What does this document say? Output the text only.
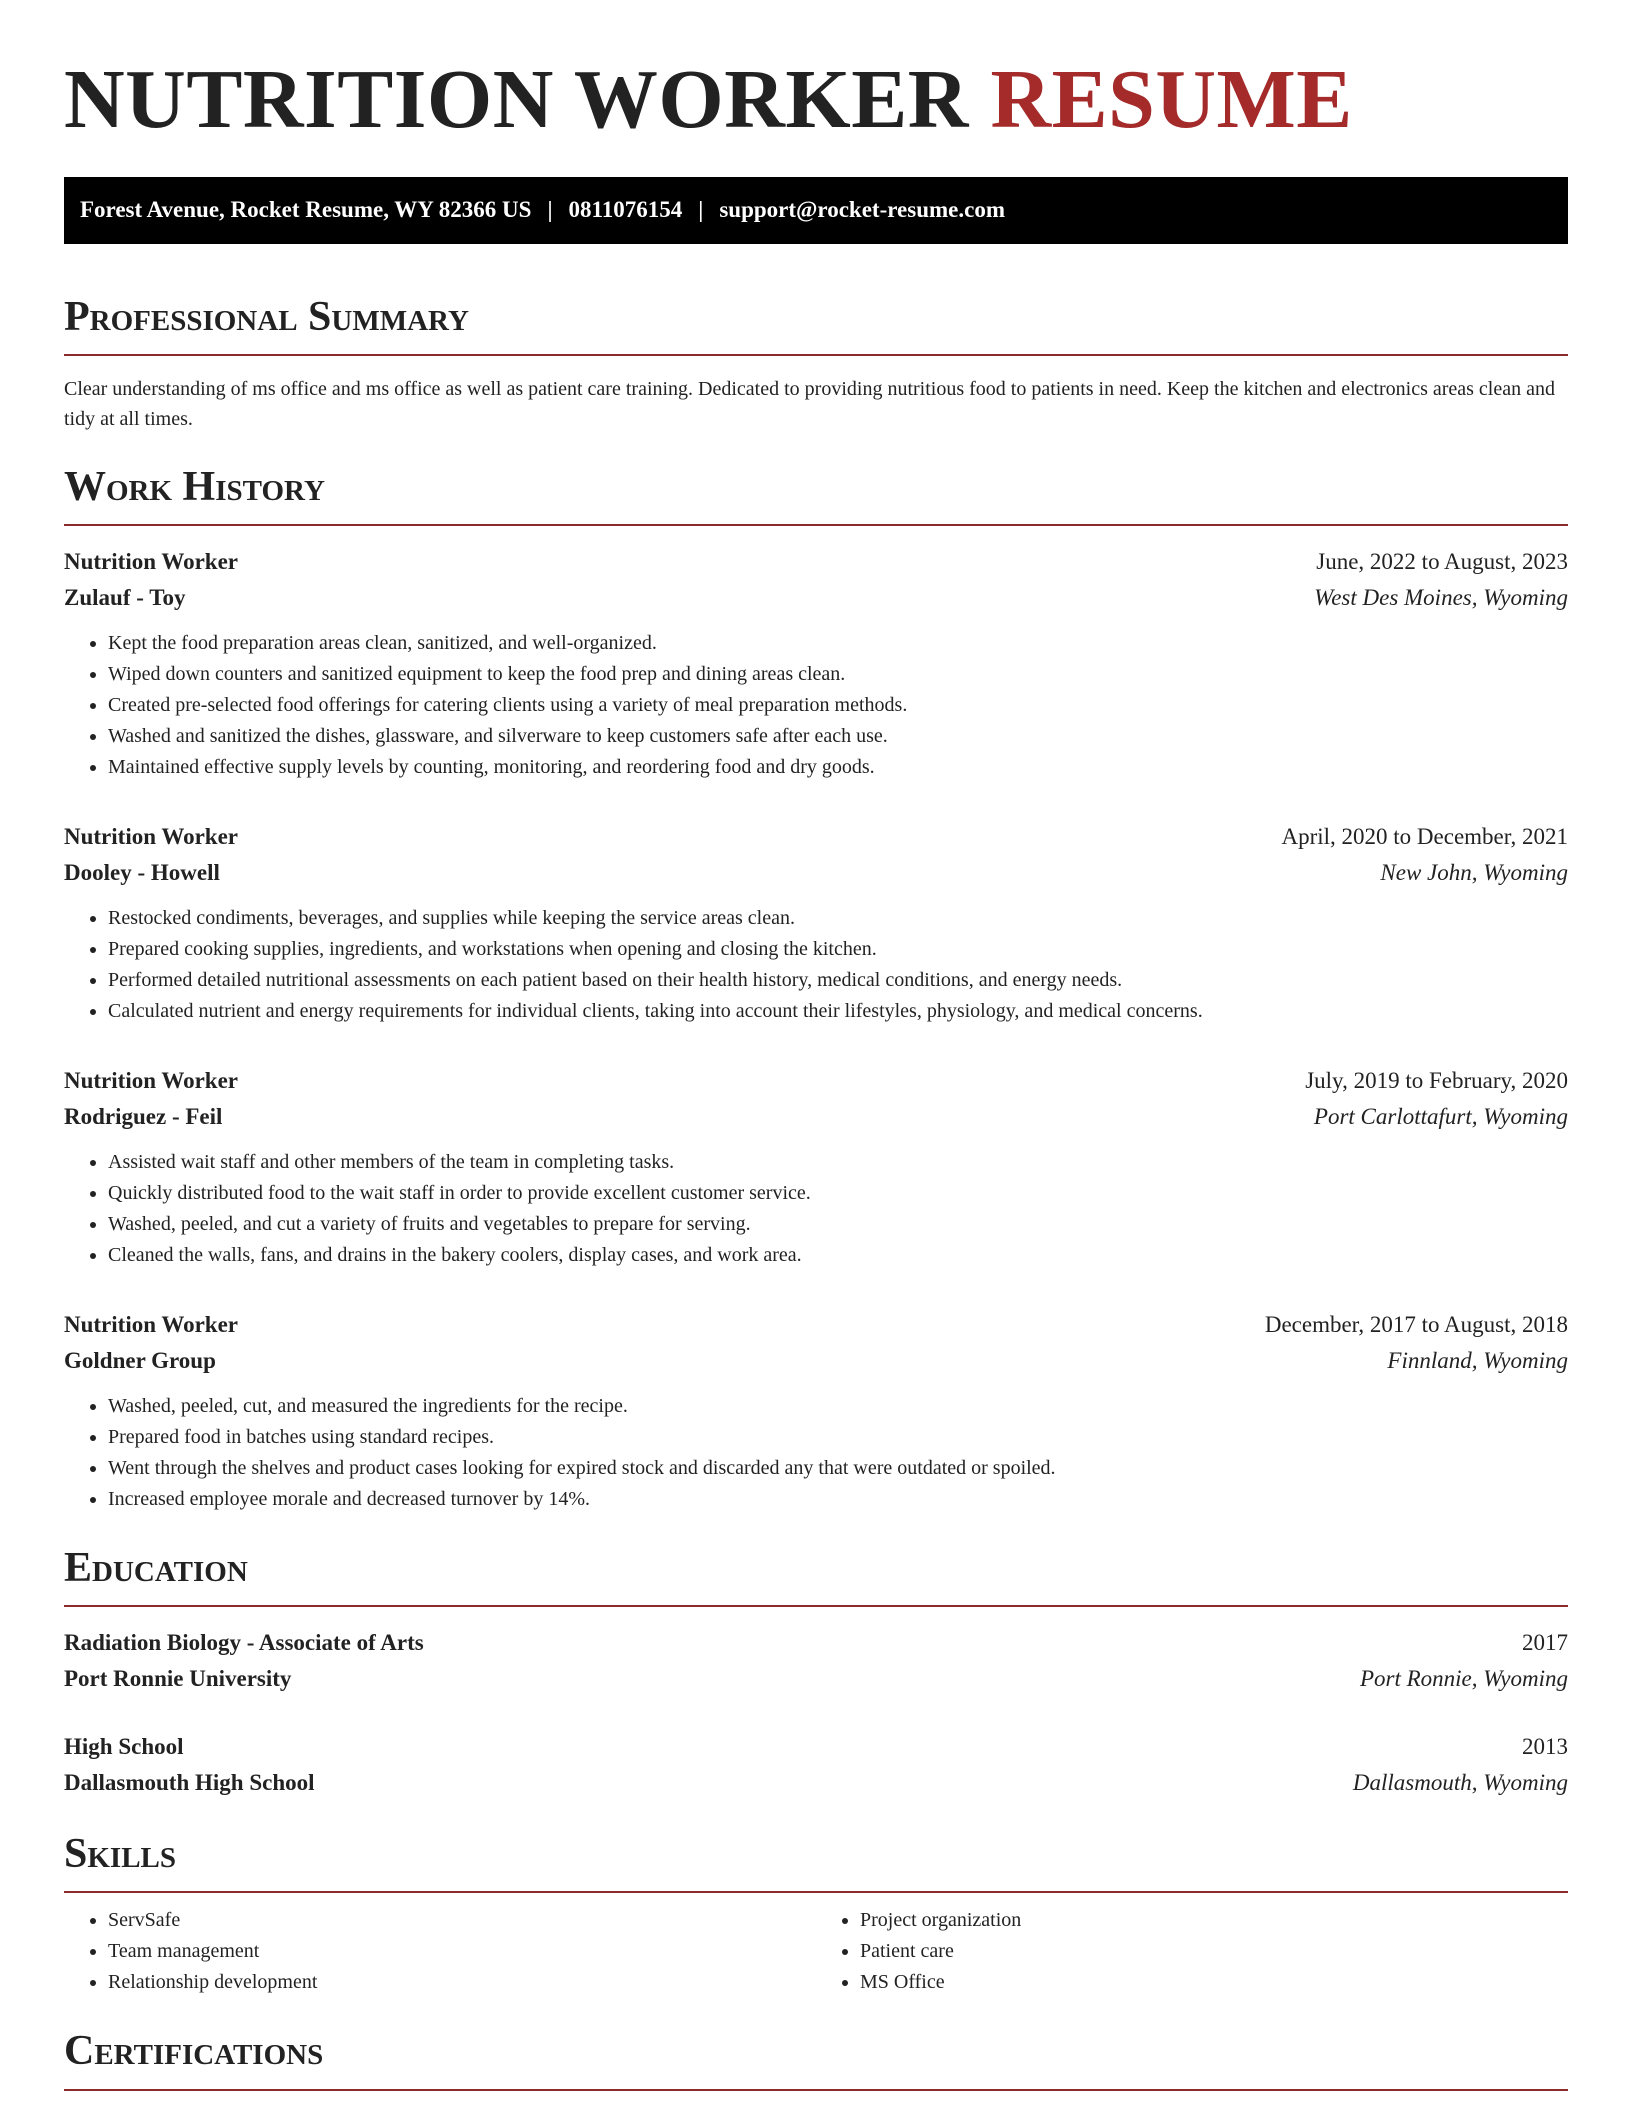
NUTRITION WORKER RESUME
Forest Avenue, Rocket Resume, WY 82366 US | 0811076154 | support@rocket-resume.com
Professional Summary

Clear understanding of ms office and ms office as well as patient care training. Dedicated to providing nutritious food to patients in need. Keep the kitchen and electronics areas clean and tidy at all times.

Work History
Nutrition Worker	June, 2022 to August, 2023
Zulauf - Toy	West Des Moines, Wyoming
• Kept the food preparation areas clean, sanitized, and well-organized.
• Wiped down counters and sanitized equipment to keep the food prep and dining areas clean.
• Created pre-selected food offerings for catering clients using a variety of meal preparation methods.
• Washed and sanitized the dishes, glassware, and silverware to keep customers safe after each use.
• Maintained effective supply levels by counting, monitoring, and reordering food and dry goods.
Nutrition Worker	April, 2020 to December, 2021
Dooley - Howell	New John, Wyoming
• Restocked condiments, beverages, and supplies while keeping the service areas clean.
• Prepared cooking supplies, ingredients, and workstations when opening and closing the kitchen.
• Performed detailed nutritional assessments on each patient based on their health history, medical conditions, and energy needs.
• Calculated nutrient and energy requirements for individual clients, taking into account their lifestyles, physiology, and medical concerns.
Nutrition Worker	July, 2019 to February, 2020
Rodriguez - Feil	Port Carlottafurt, Wyoming
• Assisted wait staff and other members of the team in completing tasks.
• Quickly distributed food to the wait staff in order to provide excellent customer service.
• Washed, peeled, and cut a variety of fruits and vegetables to prepare for serving.
• Cleaned the walls, fans, and drains in the bakery coolers, display cases, and work area.
Nutrition Worker	December, 2017 to August, 2018
Goldner Group	Finnland, Wyoming
• Washed, peeled, cut, and measured the ingredients for the recipe.
• Prepared food in batches using standard recipes.
• Went through the shelves and product cases looking for expired stock and discarded any that were outdated or spoiled.
• Increased employee morale and decreased turnover by 14%.
Education
Radiation Biology - Associate of Arts	2017
Port Ronnie University	Port Ronnie, Wyoming
High School	2013
Dallasmouth High School	Dallasmouth, Wyoming
Skills
• ServSafe
• Team management
• Relationship development
• Project organization
• Patient care
• MS Office
Certifications
